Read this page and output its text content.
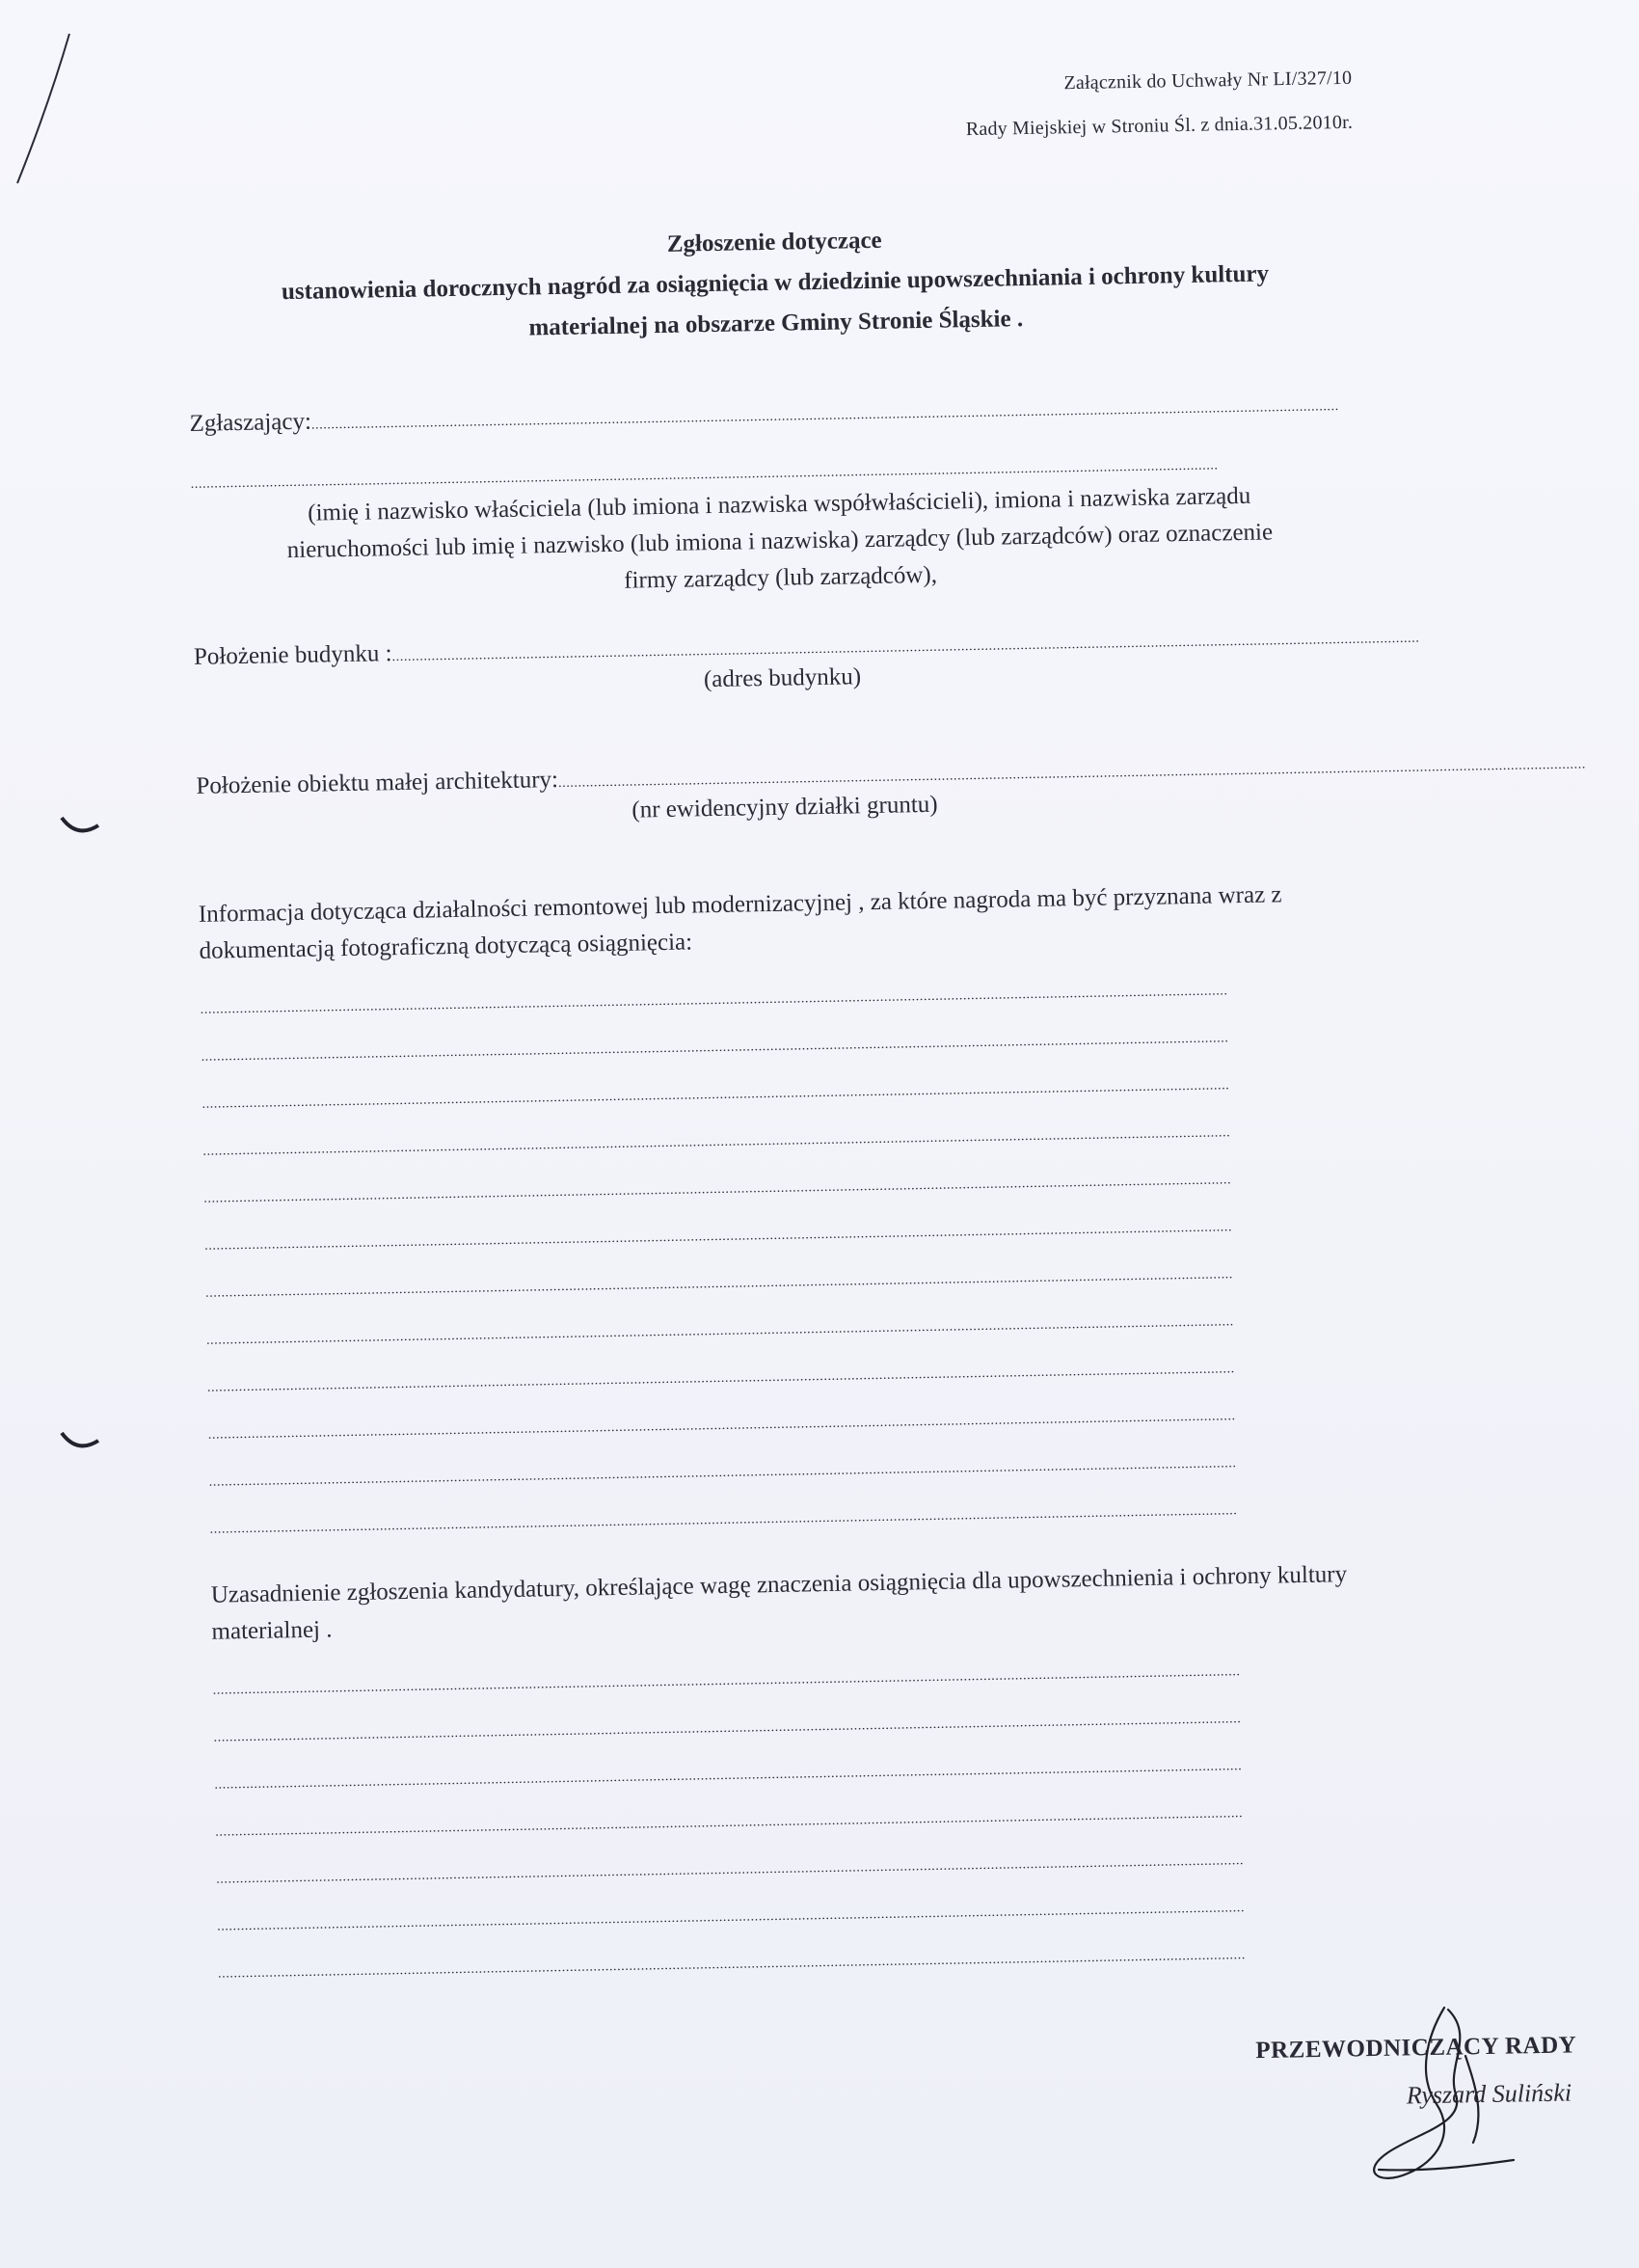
Załącznik do Uchwały Nr LI/327/10
Rady Miejskiej w Stroniu Śl. z dnia.31.05.2010r.
Zgłoszenie dotyczące
ustanowienia dorocznych nagród za osiągnięcia w dziedzinie upowszechniania i ochrony kultury
materialnej na obszarze Gminy Stronie Śląskie .
Zgłaszający:....................................................................................................................................................................................................................................................................
....................................................................................................................................................................................................................................................................
(imię i nazwisko właściciela (lub imiona i nazwiska współwłaścicieli), imiona i nazwiska zarządu
nieruchomości lub imię i nazwisko (lub imiona i nazwiska) zarządcy (lub zarządców) oraz oznaczenie
firmy zarządcy (lub zarządców),
Położenie budynku :....................................................................................................................................................................................................................................................................
(adres budynku)
Położenie obiektu małej architektury:....................................................................................................................................................................................................................................................................
(nr ewidencyjny działki gruntu)
Informacja dotycząca działalności remontowej lub modernizacyjnej , za które nagroda ma być przyznana wraz z dokumentacją fotograficzną dotyczącą osiągnięcia:
....................................................................................................................................................................................................................................................................
....................................................................................................................................................................................................................................................................
....................................................................................................................................................................................................................................................................
....................................................................................................................................................................................................................................................................
....................................................................................................................................................................................................................................................................
....................................................................................................................................................................................................................................................................
....................................................................................................................................................................................................................................................................
....................................................................................................................................................................................................................................................................
....................................................................................................................................................................................................................................................................
....................................................................................................................................................................................................................................................................
....................................................................................................................................................................................................................................................................
....................................................................................................................................................................................................................................................................
Uzasadnienie zgłoszenia kandydatury, określające wagę znaczenia osiągnięcia dla upowszechnienia i ochrony kultury materialnej .
....................................................................................................................................................................................................................................................................
....................................................................................................................................................................................................................................................................
....................................................................................................................................................................................................................................................................
....................................................................................................................................................................................................................................................................
....................................................................................................................................................................................................................................................................
....................................................................................................................................................................................................................................................................
....................................................................................................................................................................................................................................................................
PRZEWODNICZĄCY RADY
Ryszard Suliński
